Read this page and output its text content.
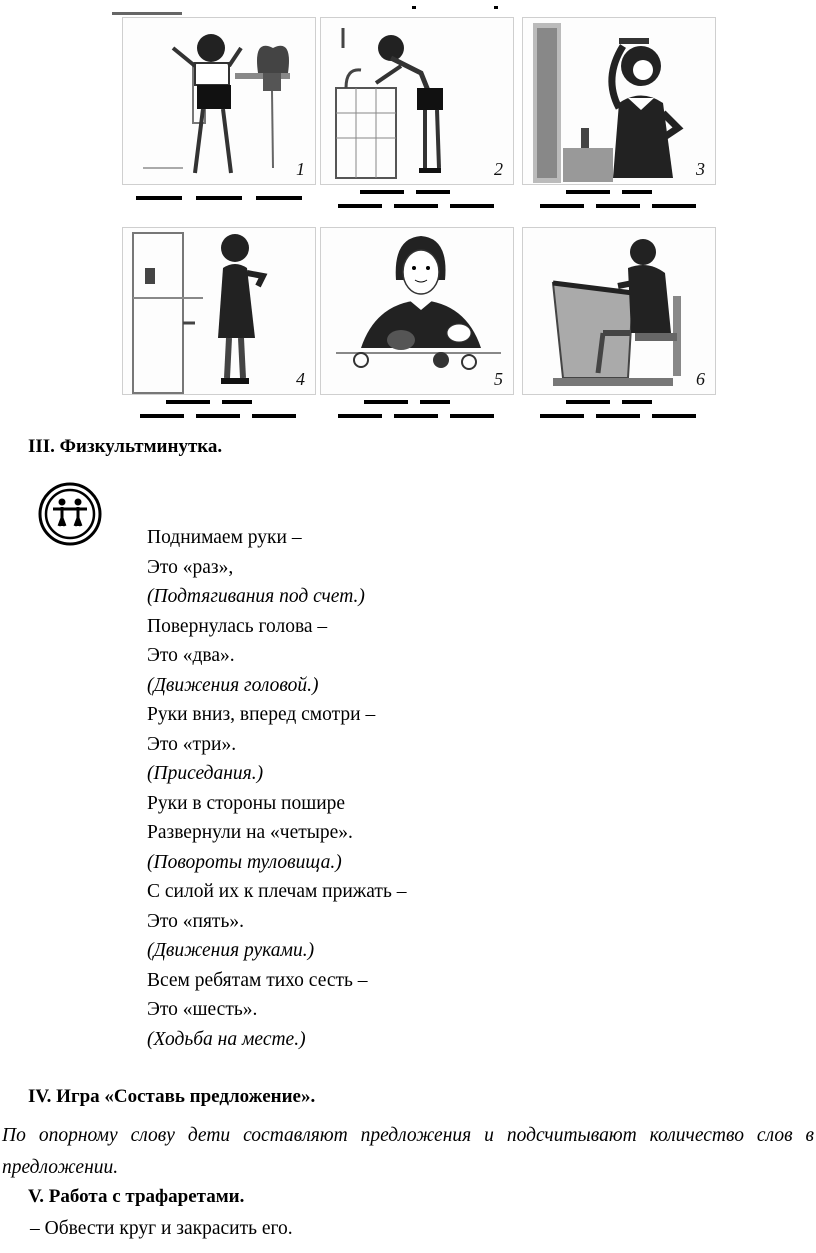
1	2	3
4	5	6
III. Физкультминутка.
Поднимаем руки –
Это «раз»,
(Подтягивания под счет.)
Повернулась голова –
Это «два».
(Движения головой.)
Руки вниз, вперед смотри –
Это «три».
(Приседания.)
Руки в стороны пошире
Развернули на «четыре».
(Повороты туловища.)
С силой их к плечам прижать –
Это «пять».
(Движения руками.)
Всем ребятам тихо сесть –
Это «шесть».
(Ходьба на месте.)
IV. Игра «Составь предложение».

По опорному слову дети составляют предложения и подсчитывают количество слов в предложении.

V. Работа с трафаретами.

– Обвести круг и закрасить его.
